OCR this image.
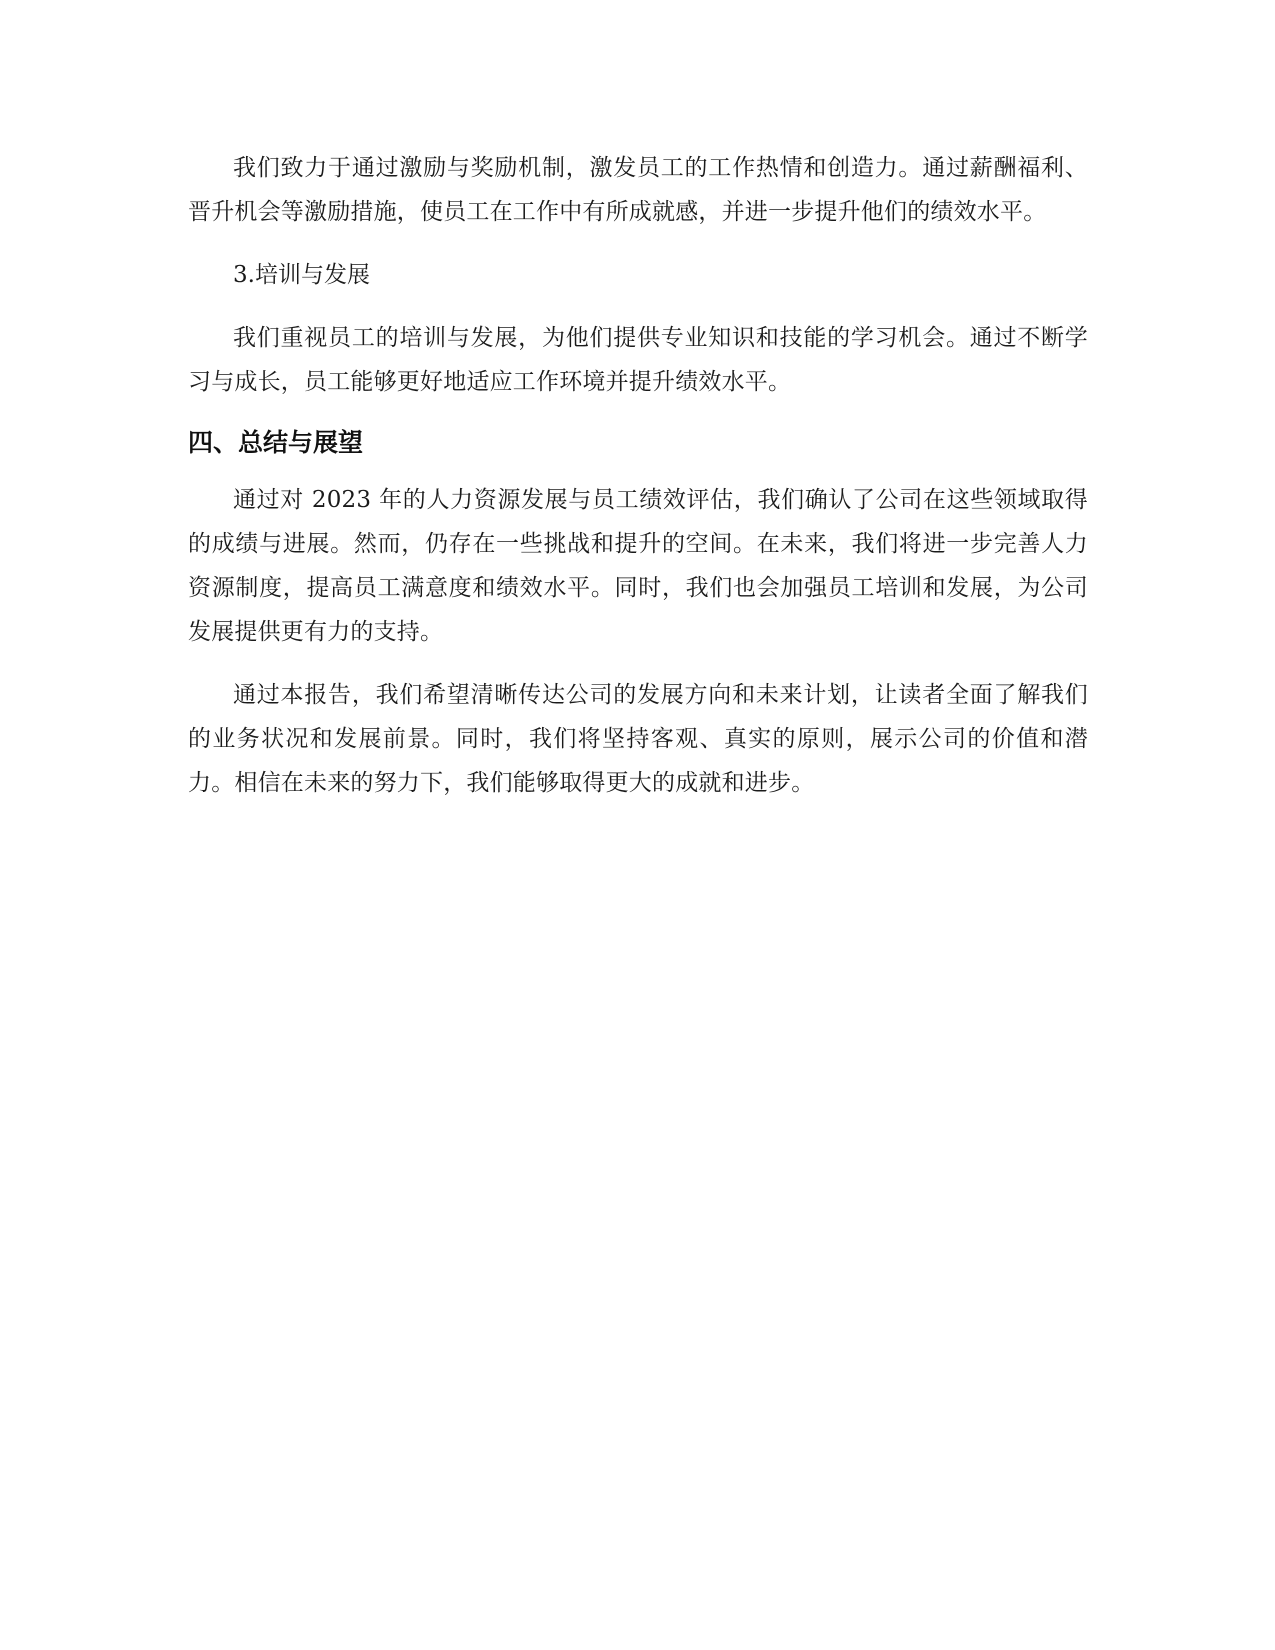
我们致力于通过激励与奖励机制，激发员工的工作热情和创造力。通过薪酬福利、晋升机会等激励措施，使员工在工作中有所成就感，并进一步提升他们的绩效水平。

3.培训与发展

我们重视员工的培训与发展，为他们提供专业知识和技能的学习机会。通过不断学习与成长，员工能够更好地适应工作环境并提升绩效水平。

四、总结与展望

通过对 2023 年的人力资源发展与员工绩效评估，我们确认了公司在这些领域取得的成绩与进展。然而，仍存在一些挑战和提升的空间。在未来，我们将进一步完善人力资源制度，提高员工满意度和绩效水平。同时，我们也会加强员工培训和发展，为公司发展提供更有力的支持。

通过本报告，我们希望清晰传达公司的发展方向和未来计划，让读者全面了解我们的业务状况和发展前景。同时，我们将坚持客观、真实的原则，展示公司的价值和潜力。相信在未来的努力下，我们能够取得更大的成就和进步。
